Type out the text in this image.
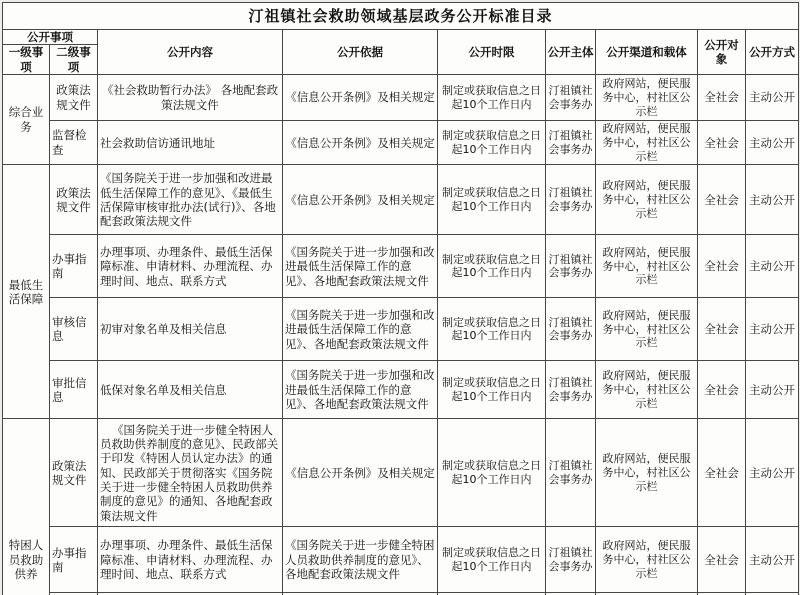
汀祖镇社会救助领域基层政务公开标准目录								
公开事项		公开内容	公开依据	公开时限	公开主体	公开渠道和载体	公开对象	公开方式
一级事项	二级事项							
综合业务	政策法规文件	《社会救助暂行办法》 各地配套政策法规文件	《信息公开条例》及相关规定	制定或获取信息之日起10个工作日内	汀祖镇社会事务办	政府网站，便民服务中心，村社区公示栏	全社会	主动公开
	监督检查	社会救助信访通讯地址	《信息公开条例》及相关规定	制定或获取信息之日起10个工作日内	汀祖镇社会事务办	政府网站，便民服务中心，村社区公示栏	全社会	主动公开
最低生活保障	政策法规文件	《国务院关于进一步加强和改进最低生活保障工作的意见》、《最低生活保障审核审批办法(试行)》、各地配套政策法规文件	《信息公开条例》及相关规定	制定或获取信息之日起10个工作日内	汀祖镇社会事务办	政府网站，便民服务中心，村社区公示栏	全社会	主动公开
	办事指南	办理事项、办理条件、最低生活保障标准、申请材料、办理流程、办理时间、地点、联系方式	《国务院关于进一步加强和改进最低生活保障工作的意见》、各地配套政策法规文件	制定或获取信息之日起10个工作日内	汀祖镇社会事务办	政府网站，便民服务中心，村社区公示栏	全社会	主动公开
	审核信息	初审对象名单及相关信息	《国务院关于进一步加强和改进最低生活保障工作的意见》、各地配套政策法规文件	制定或获取信息之日起10个工作日内	汀祖镇社会事务办	政府网站，便民服务中心，村社区公示栏	全社会	主动公开
	审批信息	低保对象名单及相关信息	《国务院关于进一步加强和改进最低生活保障工作的意见》、各地配套政策法规文件	制定或获取信息之日起10个工作日内	汀祖镇社会事务办	政府网站，便民服务中心，村社区公示栏	全社会	主动公开
特困人员救助供养	政策法规文件	《国务院关于进一步健全特困人员救助供养制度的意见》、民政部关于印发《特困人员认定办法》的通知、民政部关于贯彻落实《国务院关于进一步健全特困人员救助供养制度的意见》的通知、各地配套政策法规文件	《信息公开条例》及相关规定	制定或获取信息之日起10个工作日内	汀祖镇社会事务办	政府网站，便民服务中心，村社区公示栏	全社会	主动公开
	办事指南	办理事项、办理条件、最低生活保障标准、申请材料、办理流程、办理时间、地点、联系方式	《国务院关于进一步健全特困人员救助供养制度的意见》、各地配套政策法规文件	制定或获取信息之日起10个工作日内	汀祖镇社会事务办	政府网站，便民服务中心，村社区公示栏	全社会	主动公开
